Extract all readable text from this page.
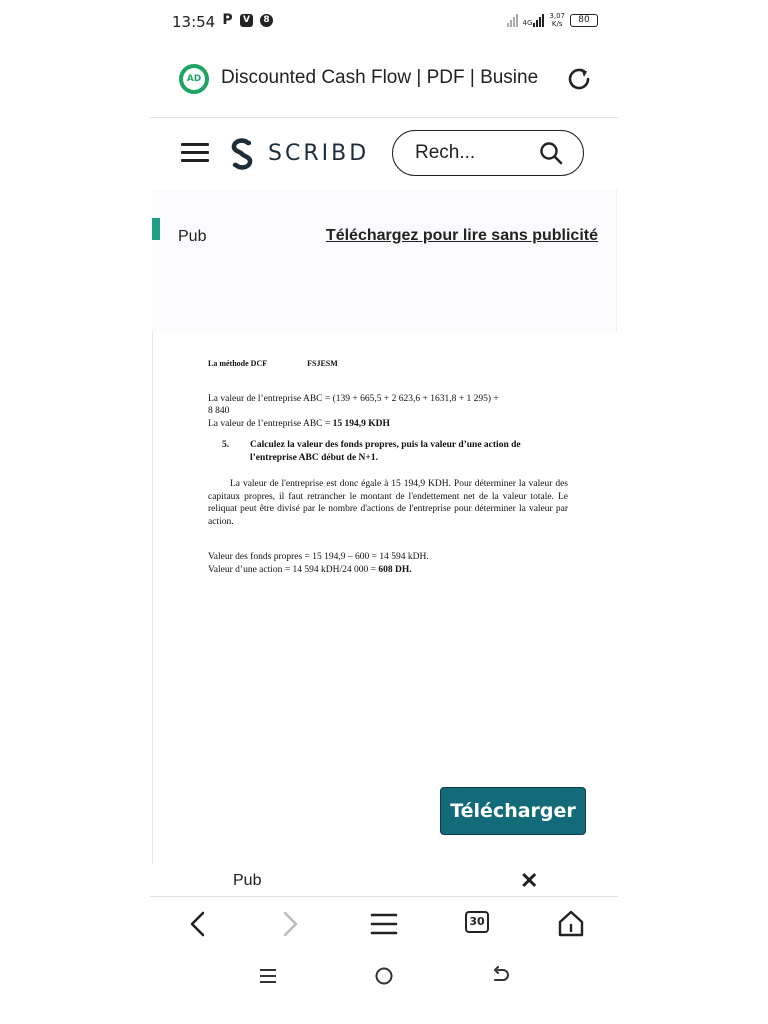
13:54 P	V	8	4G
3,07
K/s	80
AD Discounted Cash Flow | PDF | Busine
SCRIBD
Rech...
Pub	Téléchargez pour lire sans publicité

La méthode DCF	FSJESM

La valeur de l’entreprise ABC = (139 + 665,5 + 2 623,6 + 1631,8 + 1 295) +

8 840

La valeur de l’entreprise ABC = 15 194,9 KDH

5.	Calculez la valeur des fonds propres, puis la valeur d’une action de l’entreprise ABC début de N+1.

La valeur de l'entreprise est donc égale à 15 194,9 KDH. Pour déterminer la valeur des capitaux propres, il faut retrancher le montant de l'endettement net de la valeur totale. Le reliquat peut être divisé par le nombre d'actions de l'entreprise pour déterminer la valeur par action.

Valeur des fonds propres = 15 194,9 – 600 = 14 594 kDH.

Valeur d’une action = 14 594 kDH/24 000 = 608 DH.

Télécharger
Pub	✕
30
